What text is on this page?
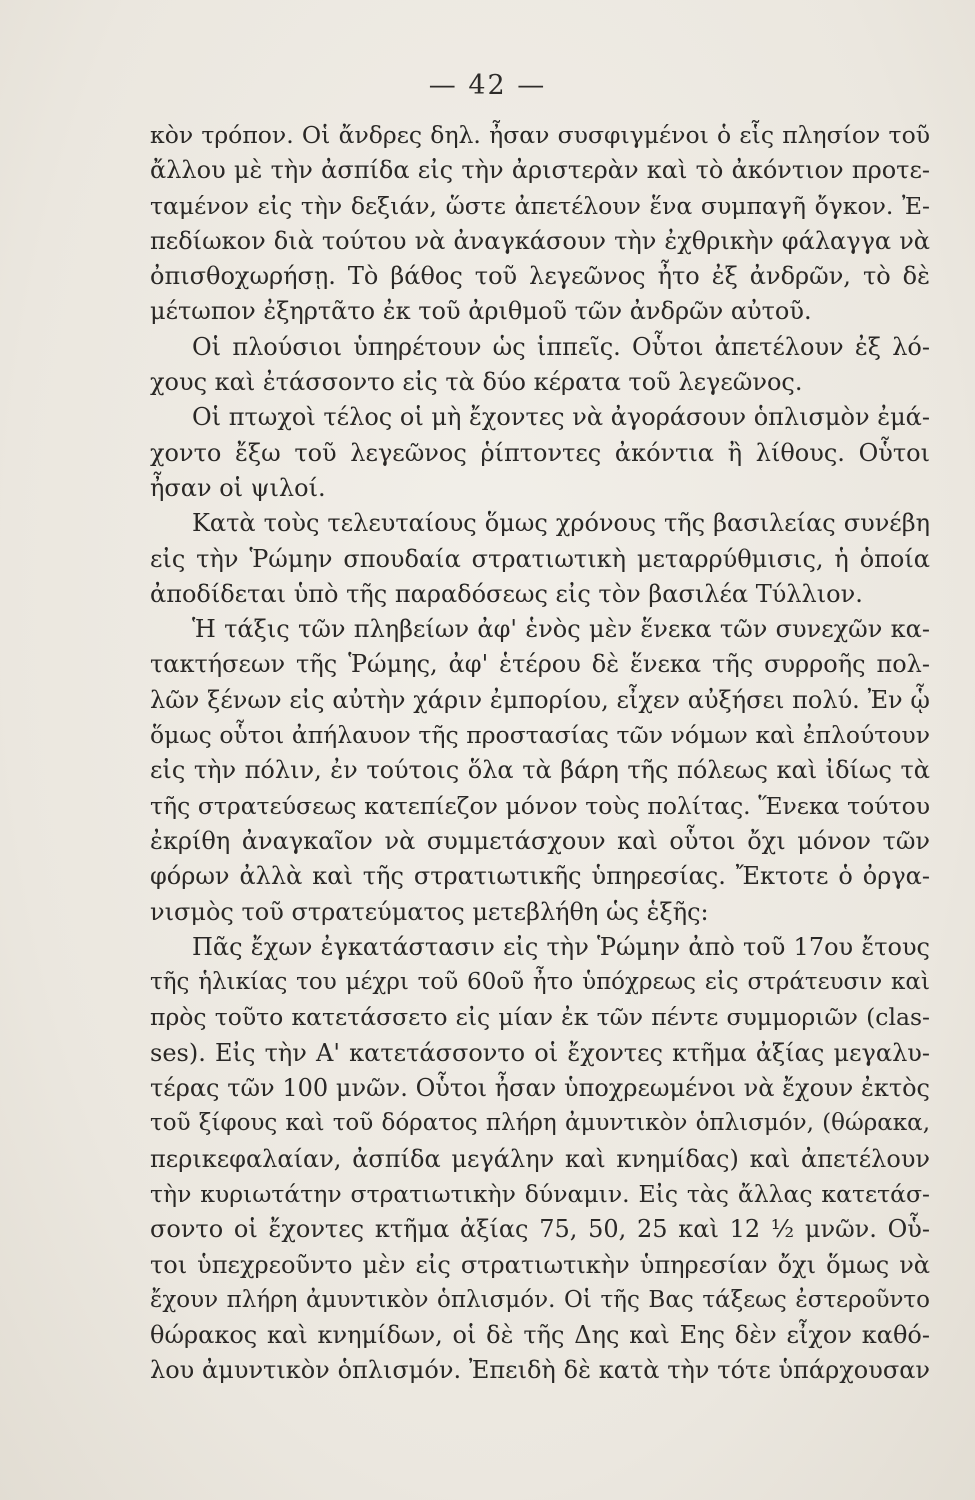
— 42 —
κὸν τρόπον. Οἱ ἄνδρες δηλ. ἦσαν συσφιγμένοι ὁ εἷς πλησίον τοῦ
ἄλλου μὲ τὴν ἀσπίδα εἰς τὴν ἀριστερὰν καὶ τὸ ἀκόντιον προτε-
ταμένον εἰς τὴν δεξιάν, ὥστε ἀπετέλουν ἕνα συμπαγῆ ὄγκον. Ἐ-
πεδίωκον διὰ τούτου νὰ ἀναγκάσουν τὴν ἐχθρικὴν φάλαγγα νὰ
ὀπισθοχωρήσῃ. Τὸ βάθος τοῦ λεγεῶνος ἦτο ἐξ ἀνδρῶν, τὸ δὲ
μέτωπον ἐξηρτᾶτο ἐκ τοῦ ἀριθμοῦ τῶν ἀνδρῶν αὐτοῦ.
Οἱ πλούσιοι ὑπηρέτουν ὡς ἱππεῖς. Οὗτοι ἀπετέλουν ἐξ λό-
χους καὶ ἐτάσσοντο εἰς τὰ δύο κέρατα τοῦ λεγεῶνος.
Οἱ πτωχοὶ τέλος οἱ μὴ ἔχοντες νὰ ἀγοράσουν ὁπλισμὸν ἐμά-
χοντο ἔξω τοῦ λεγεῶνος ῥίπτοντες ἀκόντια ἢ λίθους. Οὗτοι
ἦσαν οἱ ψιλοί.
Κατὰ τοὺς τελευταίους ὅμως χρόνους τῆς βασιλείας συνέβη
εἰς τὴν Ῥώμην σπουδαία στρατιωτικὴ μεταρρύθμισις, ἡ ὁποία
ἀποδίδεται ὑπὸ τῆς παραδόσεως εἰς τὸν βασιλέα Τύλλιον.
Ἡ τάξις τῶν πληβείων ἀφ' ἑνὸς μὲν ἕνεκα τῶν συνεχῶν κα-
τακτήσεων τῆς Ῥώμης, ἀφ' ἑτέρου δὲ ἕνεκα τῆς συρροῆς πολ-
λῶν ξένων εἰς αὐτὴν χάριν ἐμπορίου, εἶχεν αὐξήσει πολύ. Ἐν ᾧ
ὅμως οὗτοι ἀπήλαυον τῆς προστασίας τῶν νόμων καὶ ἐπλούτουν
εἰς τὴν πόλιν, ἐν τούτοις ὅλα τὰ βάρη τῆς πόλεως καὶ ἰδίως τὰ
τῆς στρατεύσεως κατεπίεζον μόνον τοὺς πολίτας. Ἕνεκα τούτου
ἐκρίθη ἀναγκαῖον νὰ συμμετάσχουν καὶ οὗτοι ὄχι μόνον τῶν
φόρων ἀλλὰ καὶ τῆς στρατιωτικῆς ὑπηρεσίας. Ἔκτοτε ὁ ὀργα-
νισμὸς τοῦ στρατεύματος μετεβλήθη ὡς ἑξῆς:
Πᾶς ἔχων ἐγκατάστασιν εἰς τὴν Ῥώμην ἀπὸ τοῦ 17ου ἔτους
τῆς ἡλικίας του μέχρι τοῦ 60οῦ ἦτο ὑπόχρεως εἰς στράτευσιν καὶ
πρὸς τοῦτο κατετάσσετο εἰς μίαν ἐκ τῶν πέντε συμμοριῶν (clas-
ses). Εἰς τὴν Α' κατετάσσοντο οἱ ἔχοντες κτῆμα ἀξίας μεγαλυ-
τέρας τῶν 100 μνῶν. Οὗτοι ἦσαν ὑποχρεωμένοι νὰ ἔχουν ἐκτὸς
τοῦ ξίφους καὶ τοῦ δόρατος πλήρη ἀμυντικὸν ὁπλισμόν, (θώρακα,
περικεφαλαίαν, ἀσπίδα μεγάλην καὶ κνημίδας) καὶ ἀπετέλουν
τὴν κυριωτάτην στρατιωτικὴν δύναμιν. Εἰς τὰς ἄλλας κατετάσ-
σοντο οἱ ἔχοντες κτῆμα ἀξίας 75, 50, 25 καὶ 12 ½ μνῶν. Οὗ-
τοι ὑπεχρεοῦντο μὲν εἰς στρατιωτικὴν ὑπηρεσίαν ὄχι ὅμως νὰ
ἔχουν πλήρη ἀμυντικὸν ὁπλισμόν. Οἱ τῆς Βας τάξεως ἐστεροῦντο
θώρακος καὶ κνημίδων, οἱ δὲ τῆς Δης καὶ Εης δὲν εἶχον καθό-
λου ἀμυντικὸν ὁπλισμόν. Ἐπειδὴ δὲ κατὰ τὴν τότε ὑπάρχουσαν
